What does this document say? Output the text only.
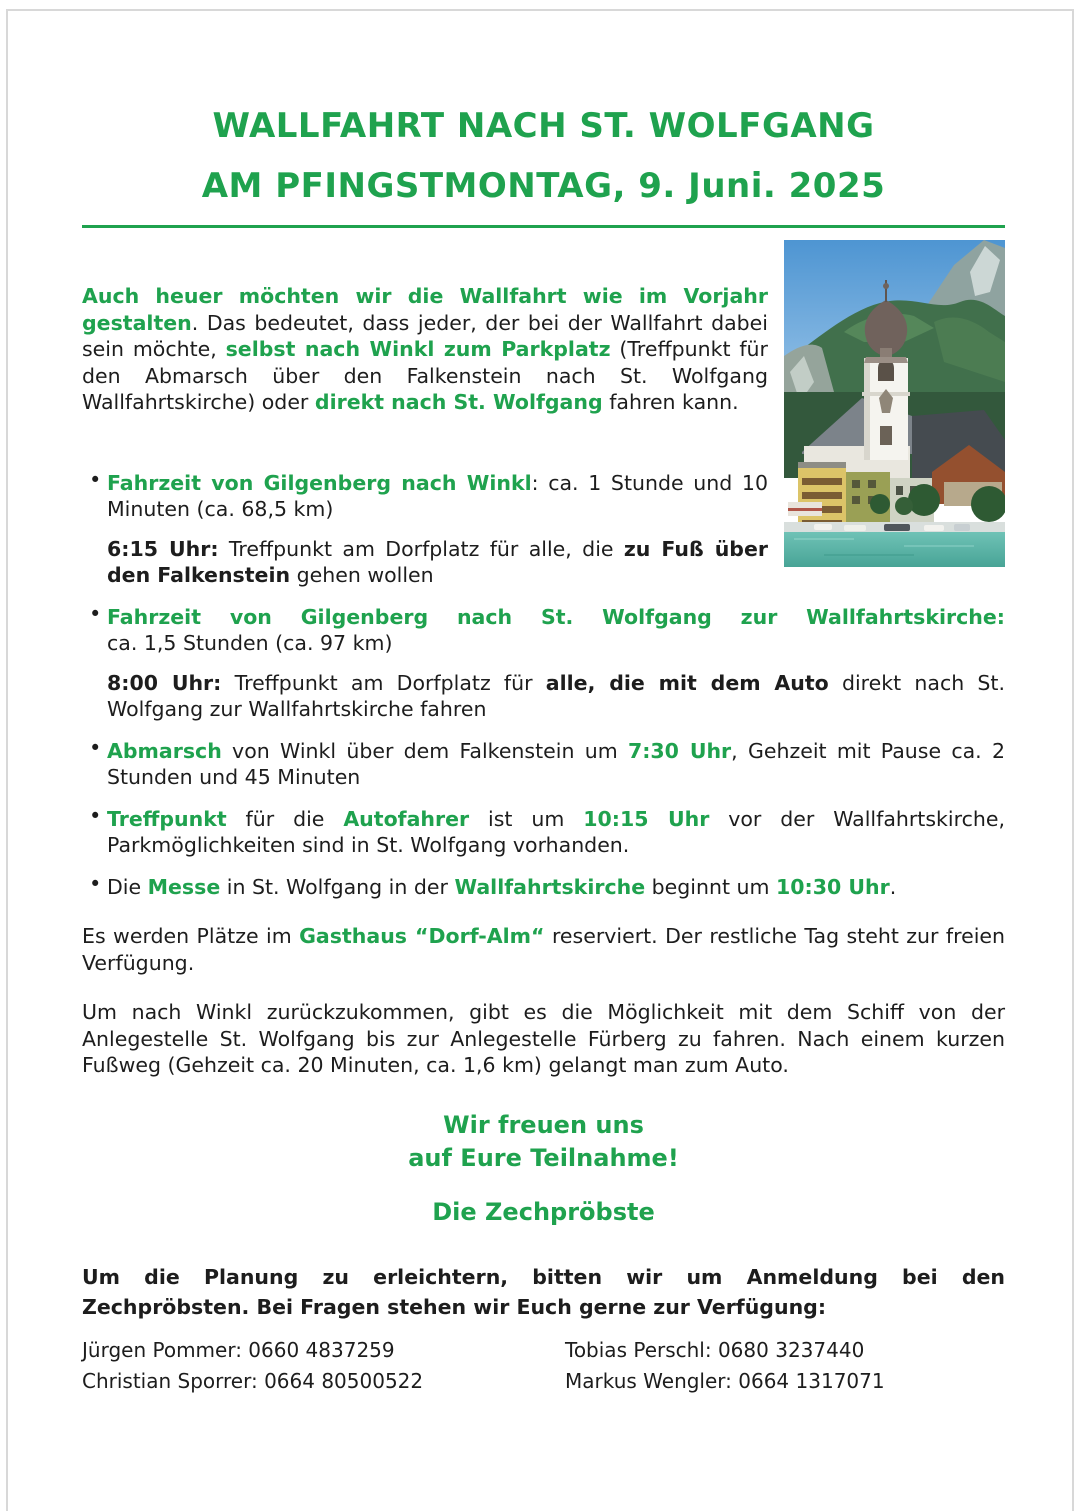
WALLFAHRT NACH ST. WOLFGANG
AM PFINGSTMONTAG, 9. Juni. 2025

Auch heuer möchten wir die Wallfahrt wie im Vorjahr gestalten. Das bedeutet, dass jeder, der bei der Wallfahrt dabei sein möchte, selbst nach Winkl zum Parkplatz (Treffpunkt für den Abmarsch über den Falkenstein nach St. Wolfgang Wallfahrtskirche) oder direkt nach St. Wolfgang fahren kann.

• Fahrzeit von Gilgenberg nach Winkl: ca. 1 Stunde und 10 Minuten (ca. 68,5 km)

6:15 Uhr: Treffpunkt am Dorfplatz für alle, die zu Fuß über den Falkenstein gehen wollen

• Fahrzeit von Gilgenberg nach St. Wolfgang zur Wallfahrtskirche:
ca. 1,5 Stunden (ca. 97 km)

8:00 Uhr: Treffpunkt am Dorfplatz für alle, die mit dem Auto direkt nach St. Wolfgang zur Wallfahrtskirche fahren

• Abmarsch von Winkl über dem Falkenstein um 7:30 Uhr, Gehzeit mit Pause ca. 2 Stunden und 45 Minuten

• Treffpunkt für die Autofahrer ist um 10:15 Uhr vor der Wallfahrtskirche, Parkmöglichkeiten sind in St. Wolfgang vorhanden.

• Die Messe in St. Wolfgang in der Wallfahrtskirche beginnt um 10:30 Uhr.

Es werden Plätze im Gasthaus “Dorf-Alm“ reserviert. Der restliche Tag steht zur freien Verfügung.

Um nach Winkl zurückzukommen, gibt es die Möglichkeit mit dem Schiff von der Anlegestelle St. Wolfgang bis zur Anlegestelle Fürberg zu fahren. Nach einem kurzen Fußweg (Gehzeit ca. 20 Minuten, ca. 1,6 km) gelangt man zum Auto.

Wir freuen uns
auf Eure Teilnahme!
Die Zechpröbste

Um die Planung zu erleichtern, bitten wir um Anmeldung bei den Zechpröbsten. Bei Fragen stehen wir Euch gerne zur Verfügung:

Jürgen Pommer: 0660 4837259	Tobias Perschl: 0680 3237440
Christian Sporrer: 0664 80500522	Markus Wengler: 0664 1317071
